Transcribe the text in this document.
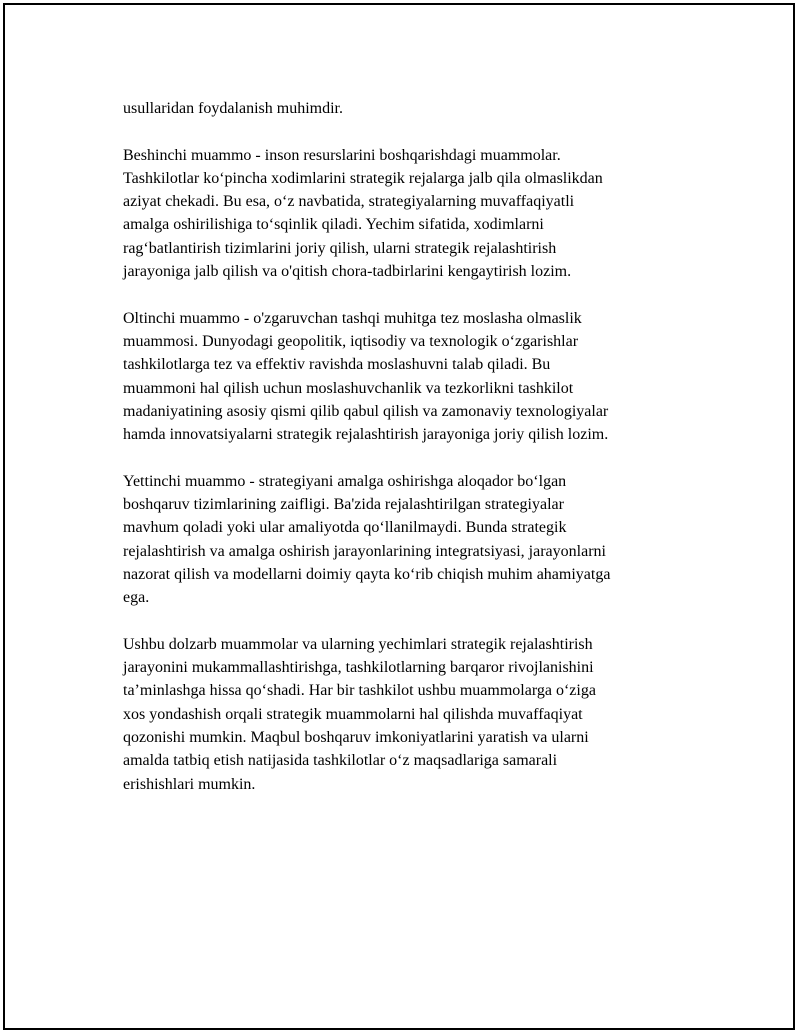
usullaridan foydalanish muhimdir.
Beshinchi muammo - inson resurslarini boshqarishdagi muammolar.
Tashkilotlar ko‘pincha xodimlarini strategik rejalarga jalb qila olmaslikdan
aziyat chekadi. Bu esa, o‘z navbatida, strategiyalarning muvaffaqiyatli
amalga oshirilishiga to‘sqinlik qiladi. Yechim sifatida, xodimlarni
rag‘batlantirish tizimlarini joriy qilish, ularni strategik rejalashtirish
jarayoniga jalb qilish va o'qitish chora-tadbirlarini kengaytirish lozim.
Oltinchi muammo - o'zgaruvchan tashqi muhitga tez moslasha olmaslik
muammosi. Dunyodagi geopolitik, iqtisodiy va texnologik o‘zgarishlar
tashkilotlarga tez va effektiv ravishda moslashuvni talab qiladi. Bu
muammoni hal qilish uchun moslashuvchanlik va tezkorlikni tashkilot
madaniyatining asosiy qismi qilib qabul qilish va zamonaviy texnologiyalar
hamda innovatsiyalarni strategik rejalashtirish jarayoniga joriy qilish lozim.
Yettinchi muammo - strategiyani amalga oshirishga aloqador bo‘lgan
boshqaruv tizimlarining zaifligi. Ba'zida rejalashtirilgan strategiyalar
mavhum qoladi yoki ular amaliyotda qo‘llanilmaydi. Bunda strategik
rejalashtirish va amalga oshirish jarayonlarining integratsiyasi, jarayonlarni
nazorat qilish va modellarni doimiy qayta ko‘rib chiqish muhim ahamiyatga
ega.
Ushbu dolzarb muammolar va ularning yechimlari strategik rejalashtirish
jarayonini mukammallashtirishga, tashkilotlarning barqaror rivojlanishini
ta’minlashga hissa qo‘shadi. Har bir tashkilot ushbu muammolarga o‘ziga
xos yondashish orqali strategik muammolarni hal qilishda muvaffaqiyat
qozonishi mumkin. Maqbul boshqaruv imkoniyatlarini yaratish va ularni
amalda tatbiq etish natijasida tashkilotlar o‘z maqsadlariga samarali
erishishlari mumkin.
